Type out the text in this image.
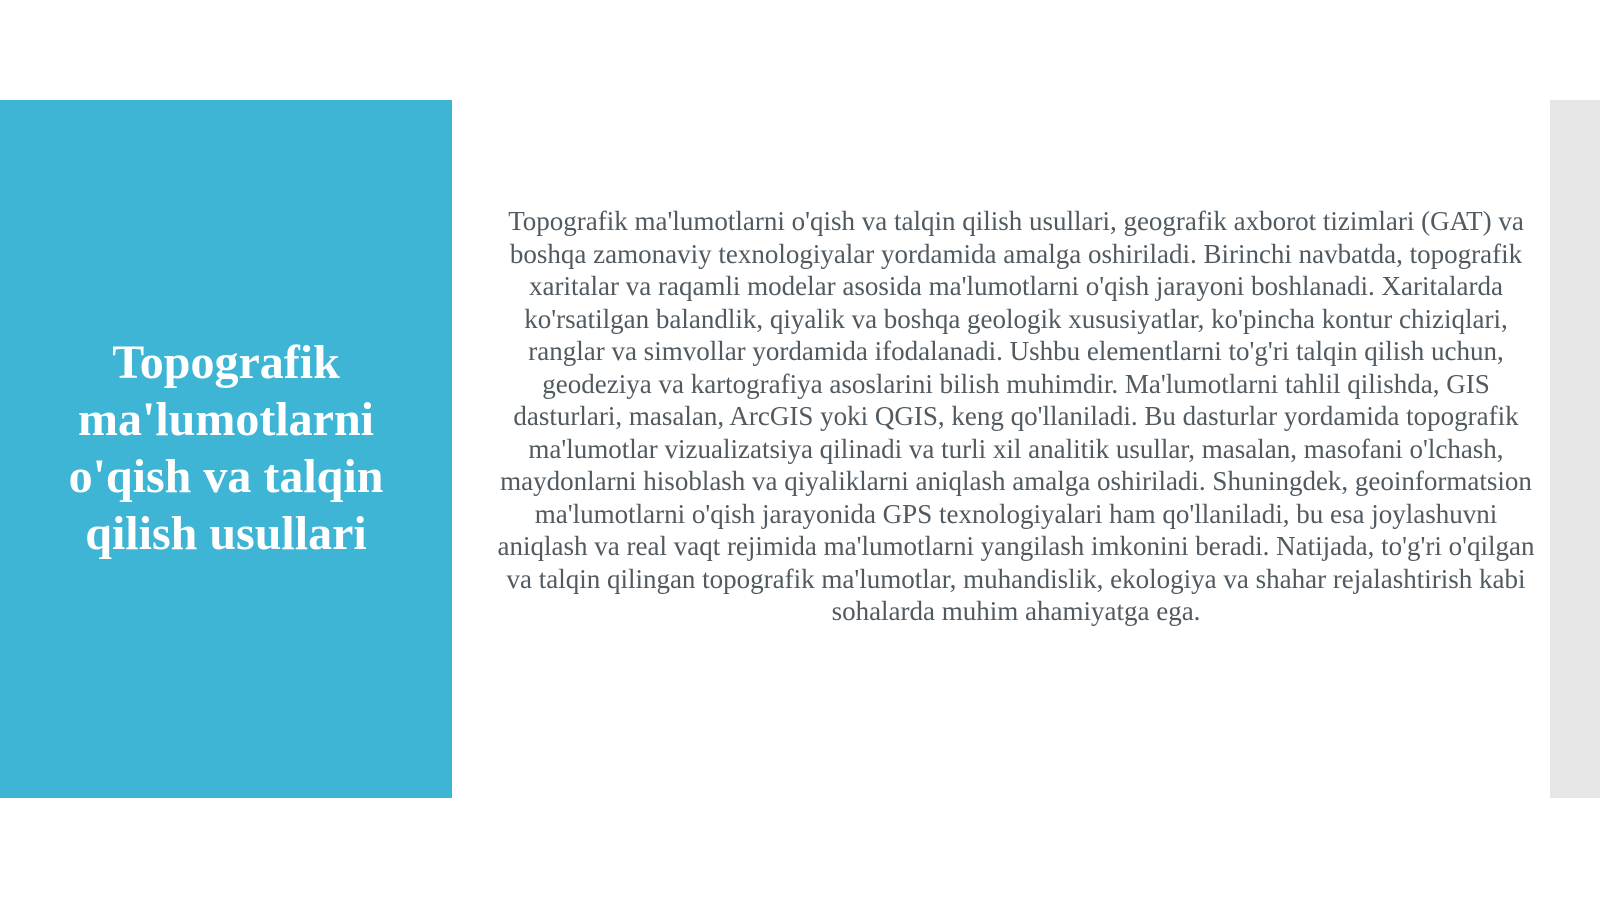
Topografik ma'lumotlarni o'qish va talqin qilish usullari

Topografik ma'lumotlarni o'qish va talqin qilish usullari, geografik axborot tizimlari (GAT) va boshqa zamonaviy texnologiyalar yordamida amalga oshiriladi. Birinchi navbatda, topografik xaritalar va raqamli modelar asosida ma'lumotlarni o'qish jarayoni boshlanadi. Xaritalarda ko'rsatilgan balandlik, qiyalik va boshqa geologik xususiyatlar, ko'pincha kontur chiziqlari, ranglar va simvollar yordamida ifodalanadi. Ushbu elementlarni to'g'ri talqin qilish uchun, geodeziya va kartografiya asoslarini bilish muhimdir. Ma'lumotlarni tahlil qilishda, GIS dasturlari, masalan, ArcGIS yoki QGIS, keng qo'llaniladi. Bu dasturlar yordamida topografik ma'lumotlar vizualizatsiya qilinadi va turli xil analitik usullar, masalan, masofani o'lchash, maydonlarni hisoblash va qiyaliklarni aniqlash amalga oshiriladi. Shuningdek, geoinformatsion ma'lumotlarni o'qish jarayonida GPS texnologiyalari ham qo'llaniladi, bu esa joylashuvni aniqlash va real vaqt rejimida ma'lumotlarni yangilash imkonini beradi. Natijada, to'g'ri o'qilgan va talqin qilingan topografik ma'lumotlar, muhandislik, ekologiya va shahar rejalashtirish kabi sohalarda muhim ahamiyatga ega.
